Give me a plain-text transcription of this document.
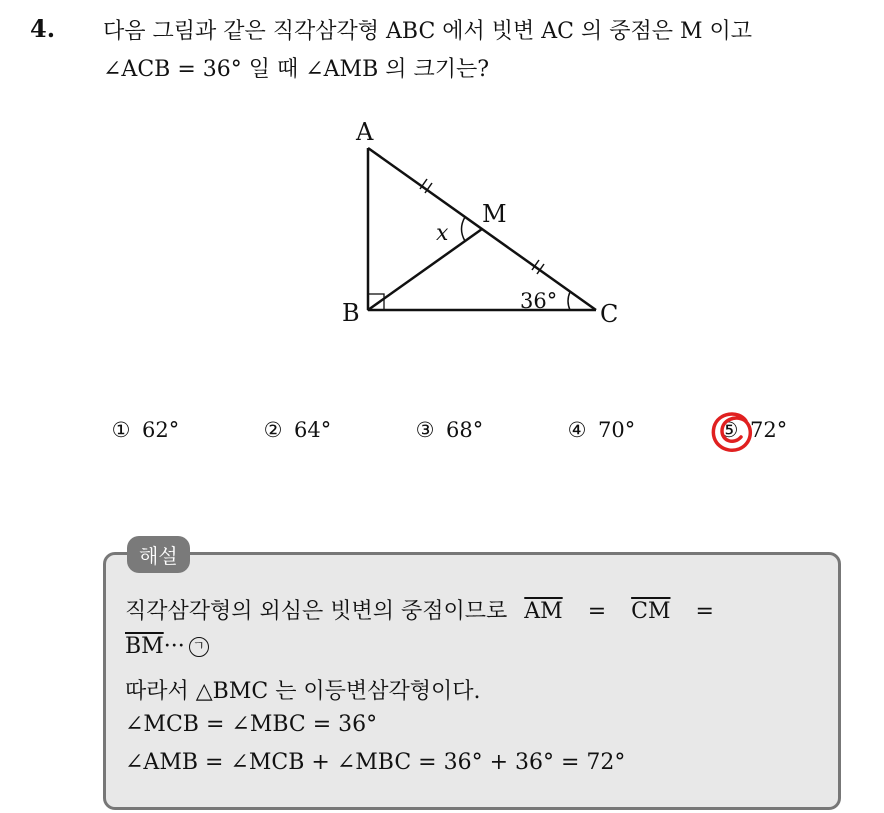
4. 다음 그림과 같은 직각삼각형 ABC 에서 빗변 AC 의 중점은 M 이고
∠ACB = 36° 일 때 ∠AMB 의 크기는?
A
B	C
M
x
36°
① 62°	② 64°	③ 68°	④ 70°	⑤ 72°
해설
직각삼각형의 외심은 빗변의 중점이므로 $\overline{AM} = \overline{CM}$ =
$\overline{BM}\cdot\cdot\cdot$ ㄱ
따라서 △BMC 는 이등변삼각형이다.
∠MCB = ∠MBC = 36°
∠AMB = ∠MCB + ∠MBC = 36° + 36° = 72°
